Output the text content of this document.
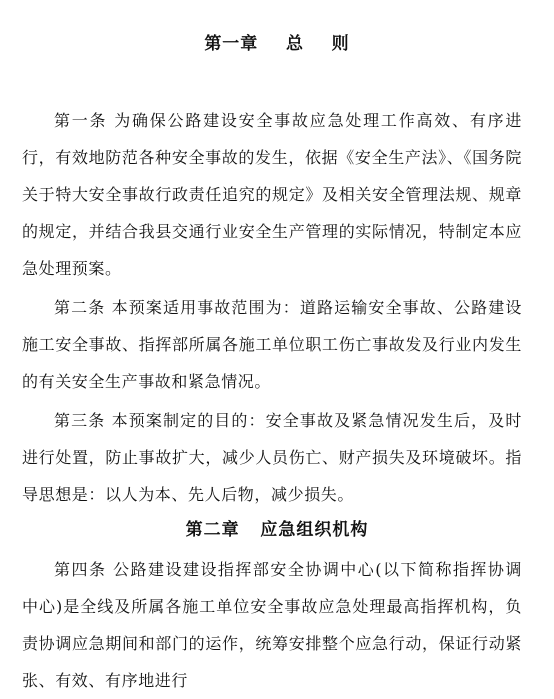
第一章    总    则
第一条 为确保公路建设安全事故应急处理工作高效、有序进
行，有效地防范各种安全事故的发生，依据《安全生产法》、《国务院
关于特大安全事故行政责任追究的规定》及相关安全管理法规、规章
的规定，并结合我县交通行业安全生产管理的实际情况，特制定本应
急处理预案。
第二条 本预案适用事故范围为：道路运输安全事故、公路建设
施工安全事故、指挥部所属各施工单位职工伤亡事故发及行业内发生
的有关安全生产事故和紧急情况。
第三条 本预案制定的目的：安全事故及紧急情况发生后，及时
进行处置，防止事故扩大，减少人员伤亡、财产损失及环境破坏。指
导思想是：以人为本、先人后物，减少损失。
第二章   应急组织机构
第四条 公路建设建设指挥部安全协调中心(以下简称指挥协调
中心)是全线及所属各施工单位安全事故应急处理最高指挥机构，负
责协调应急期间和部门的运作，统筹安排整个应急行动，保证行动紧
张、有效、有序地进行
